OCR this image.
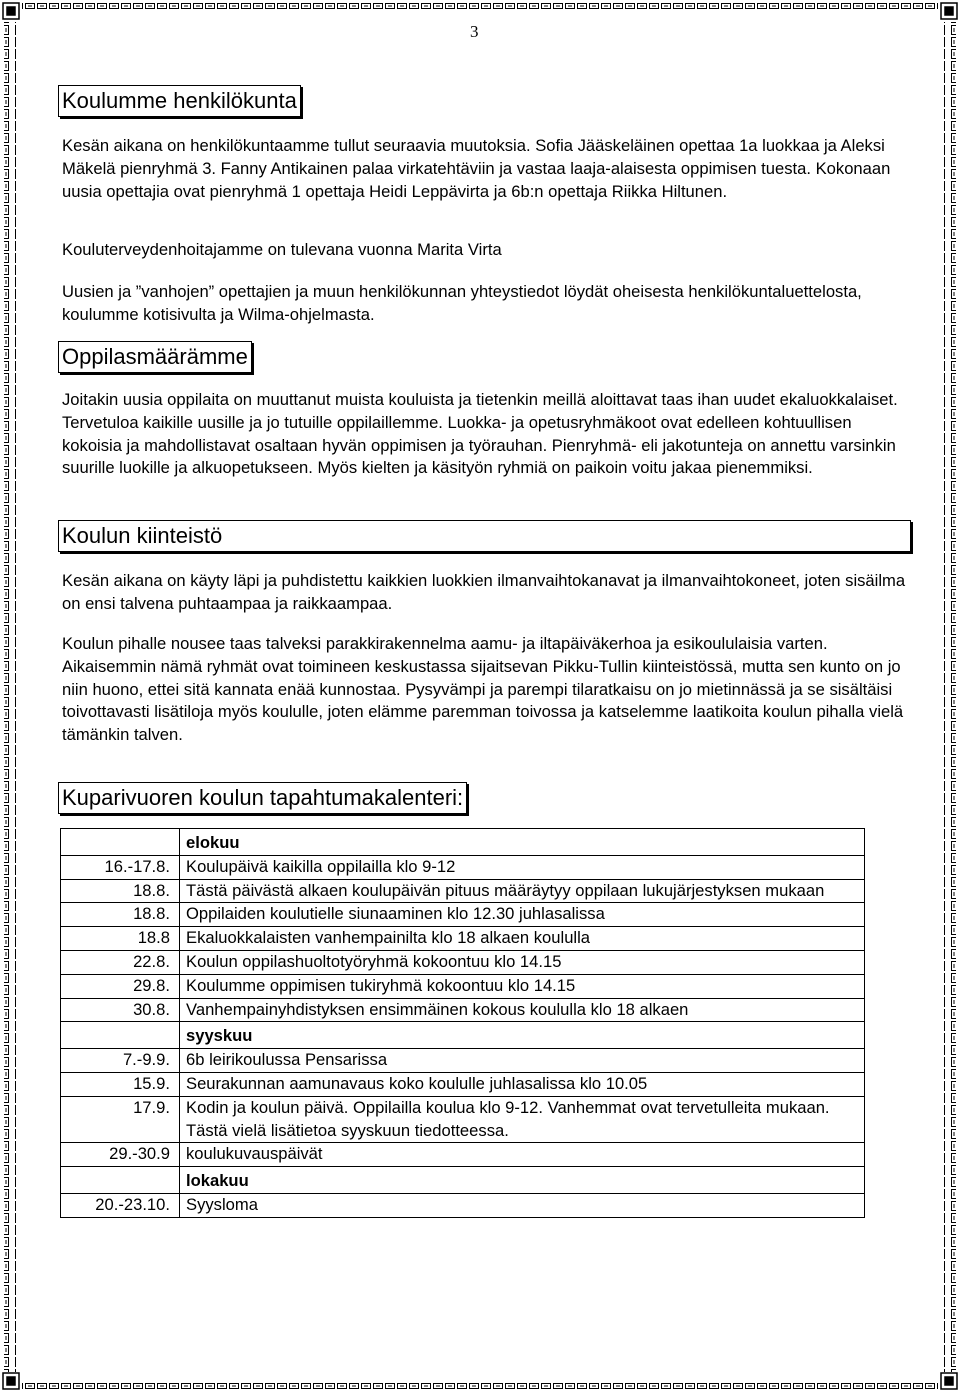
3
Koulumme henkilökunta

Kesän aikana on henkilökuntaamme tullut seuraavia muutoksia. Sofia Jääskeläinen opettaa 1a luokkaa ja Aleksi Mäkelä pienryhmä 3. Fanny Antikainen palaa virkatehtäviin ja vastaa laaja-alaisesta oppimisen tuesta. Kokonaan uusia opettajia ovat pienryhmä 1 opettaja Heidi Leppävirta ja 6b:n opettaja Riikka Hiltunen.

Kouluterveydenhoitajamme on tulevana vuonna Marita Virta

Uusien ja ”vanhojen” opettajien ja muun henkilökunnan yhteystiedot löydät oheisesta henkilökuntaluettelosta, koulumme kotisivulta ja Wilma-ohjelmasta.

Oppilasmäärämme

Joitakin uusia oppilaita on muuttanut muista kouluista ja tietenkin meillä aloittavat taas ihan uudet ekaluokkalaiset. Tervetuloa kaikille uusille ja jo tutuille oppilaillemme. Luokka- ja opetusryhmäkoot ovat edelleen kohtuullisen kokoisia ja mahdollistavat osaltaan hyvän oppimisen ja työrauhan. Pienryhmä- eli jakotunteja on annettu varsinkin suurille luokille ja alkuopetukseen. Myös kielten ja käsityön ryhmiä on paikoin voitu jakaa pienemmiksi.

Koulun kiinteistö

Kesän aikana on käyty läpi ja puhdistettu kaikkien luokkien ilmanvaihtokanavat ja ilmanvaihtokoneet, joten sisäilma on ensi talvena puhtaampaa ja raikkaampaa.

Koulun pihalle nousee taas talveksi parakkirakennelma aamu- ja iltapäiväkerhoa ja esikoululaisia varten. Aikaisemmin nämä ryhmät ovat toimineen keskustassa sijaitsevan Pikku-Tullin kiinteistössä, mutta sen kunto on jo niin huono, ettei sitä kannata enää kunnostaa. Pysyvämpi ja parempi tilaratkaisu on jo mietinnässä ja se sisältäisi toivottavasti lisätiloja myös koululle, joten elämme paremman toivossa ja katselemme laatikoita koulun pihalla vielä tämänkin talven.

Kuparivuoren koulun tapahtumakalenteri:
	elokuu
16.-17.8.	Koulupäivä kaikilla oppilailla klo 9-12
18.8.	Tästä päivästä alkaen koulupäivän pituus määräytyy oppilaan lukujärjestyksen mukaan
18.8.	Oppilaiden koulutielle siunaaminen klo 12.30 juhlasalissa
18.8	Ekaluokkalaisten vanhempainilta klo 18 alkaen koululla
22.8.	Koulun oppilashuoltotyöryhmä kokoontuu klo 14.15
29.8.	Koulumme oppimisen tukiryhmä kokoontuu klo 14.15
30.8.	Vanhempainyhdistyksen ensimmäinen kokous koululla klo 18 alkaen
	syyskuu
7.-9.9.	6b leirikoulussa Pensarissa
15.9.	Seurakunnan aamunavaus koko koululle juhlasalissa klo 10.05
17.9.	Kodin ja koulun päivä. Oppilailla koulua klo 9-12. Vanhemmat ovat tervetulleita mukaan. Tästä vielä lisätietoa syyskuun tiedotteessa.
29.-30.9	koulukuvauspäivät
	lokakuu
20.-23.10.	Syysloma
